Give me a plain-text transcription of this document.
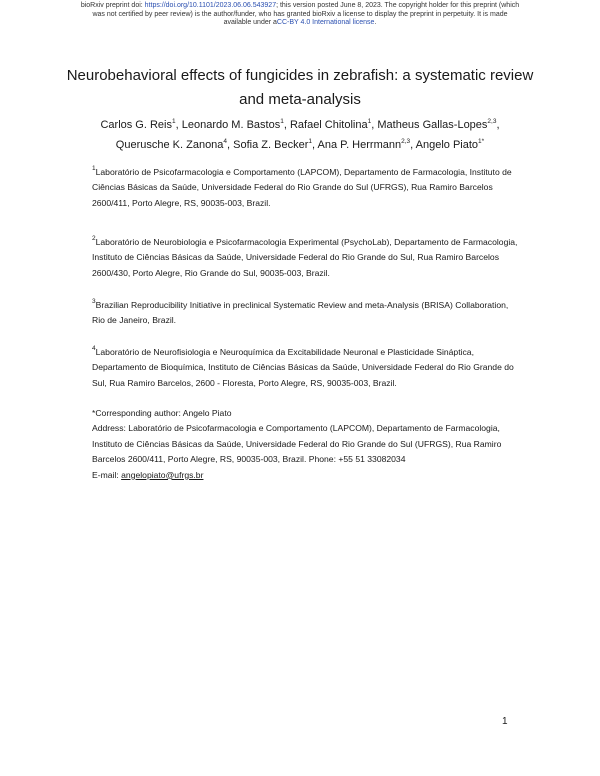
bioRxiv preprint doi: https://doi.org/10.1101/2023.06.06.543927; this version posted June 8, 2023. The copyright holder for this preprint (which
was not certified by peer review) is the author/funder, who has granted bioRxiv a license to display the preprint in perpetuity. It is made
available under aCC-BY 4.0 International license.
Neurobehavioral effects of fungicides in zebrafish: a systematic review and meta-analysis
Carlos G. Reis$^1$, Leonardo M. Bastos$^1$, Rafael Chitolina$^1$, Matheus Gallas-Lopes$^{2,3}$,
Querusche K. Zanona$^4$, Sofia Z. Becker$^1$, Ana P. Herrmann$^{2,3}$, Angelo Piato$^{1*}$
$^1$Laboratório de Psicofarmacologia e Comportamento (LAPCOM), Departamento de Farmacologia, Instituto de Ciências Básicas da Saúde, Universidade Federal do Rio Grande do Sul (UFRGS), Rua Ramiro Barcelos 2600/411, Porto Alegre, RS, 90035-003, Brazil.
$^2$Laboratório de Neurobiologia e Psicofarmacologia Experimental (PsychoLab), Departamento de Farmacologia, Instituto de Ciências Básicas da Saúde, Universidade Federal do Rio Grande do Sul, Rua Ramiro Barcelos 2600/430, Porto Alegre, Rio Grande do Sul, 90035-003, Brazil.
$^3$Brazilian Reproducibility Initiative in preclinical Systematic Review and meta-Analysis (BRISA) Collaboration, Rio de Janeiro, Brazil.
$^4$Laboratório de Neurofisiologia e Neuroquímica da Excitabilidade Neuronal e Plasticidade Sináptica, Departamento de Bioquímica, Instituto de Ciências Básicas da Saúde, Universidade Federal do Rio Grande do Sul, Rua Ramiro Barcelos, 2600 - Floresta, Porto Alegre, RS, 90035-003, Brazil.
*Corresponding author: Angelo Piato
Address: Laboratório de Psicofarmacologia e Comportamento (LAPCOM), Departamento de Farmacologia, Instituto de Ciências Básicas da Saúde, Universidade Federal do Rio Grande do Sul (UFRGS), Rua Ramiro Barcelos 2600/411, Porto Alegre, RS, 90035-003, Brazil. Phone: +55 51 33082034
E-mail: angelopiato@ufrgs.br
1
